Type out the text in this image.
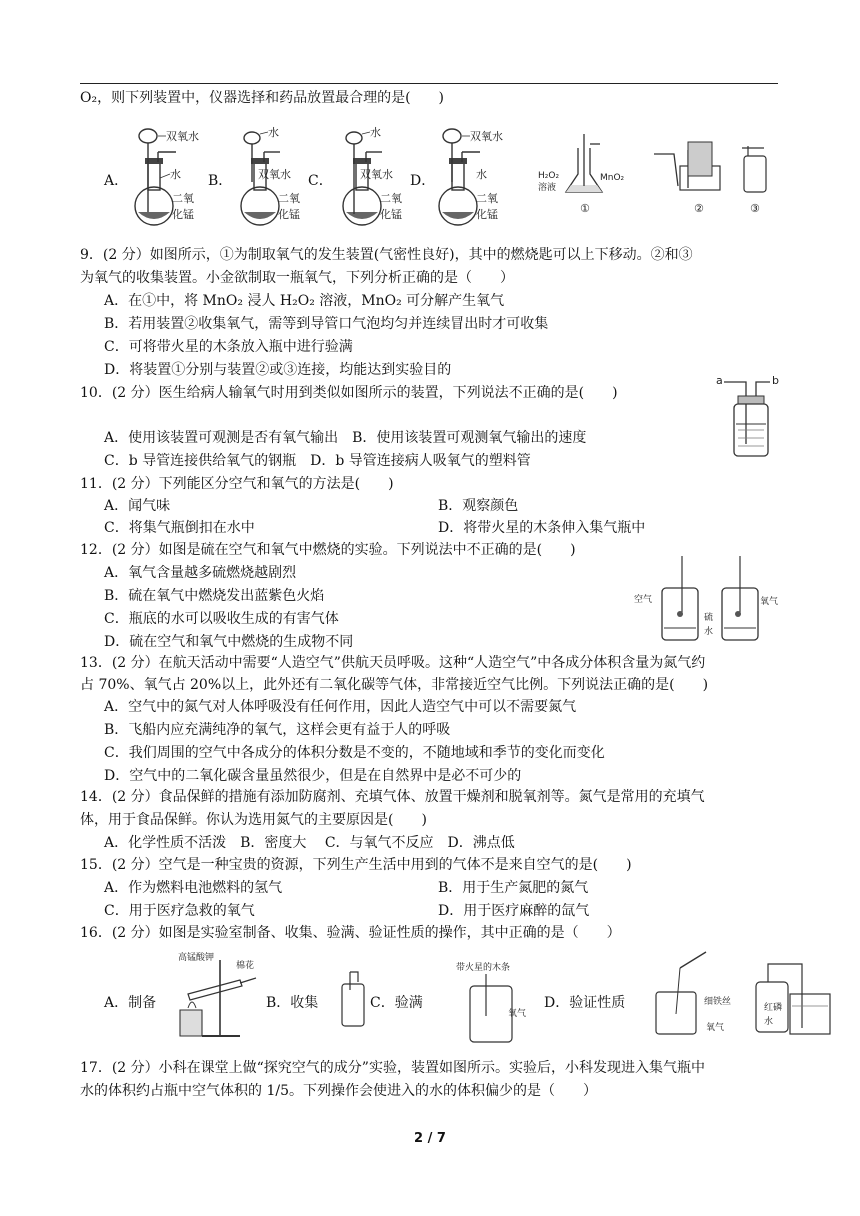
O₂，则下列装置中，仪器选择和药品放置最合理的是(　　)
A．	B．	C．	D．
双氧水
水
二氧
化锰
水
双氧水
二氧
化锰
水
双氧水
二氧
化锰
双氧水
水
二氧
化锰
H₂O₂
溶液
MnO₂
①	②	③
9．(2 分）如图所示，①为制取氧气的发生装置(气密性良好)，其中的燃烧匙可以上下移动。②和③
为氧气的收集装置。小金欲制取一瓶氧气，下列分析正确的是（　　）
A．在①中，将 MnO₂ 浸人 H₂O₂ 溶液，MnO₂ 可分解产生氧气
B．若用装置②收集氧气，需等到导管口气泡均匀并连续冒出时才可收集
C．可将带火星的木条放入瓶中进行验满
D．将装置①分别与装置②或③连接，均能达到实验目的
10．(2 分）医生给病人输氧气时用到类似如图所示的装置，下列说法不正确的是(　　)
A．使用该装置可观测是否有氧气输出　B．使用该装置可观测氧气输出的速度
C．b 导管连接供给氧气的钢瓶　D．b 导管连接病人吸氧气的塑料管
a	b
11．(2 分）下列能区分空气和氧气的方法是(　　)
A．闻气味	B．观察颜色
C．将集气瓶倒扣在水中	D．将带火星的木条伸入集气瓶中
12．(2 分）如图是硫在空气和氧气中燃烧的实验。下列说法中不正确的是(　　)
A．氧气含量越多硫燃烧越剧烈
B．硫在氧气中燃烧发出蓝紫色火焰
C．瓶底的水可以吸收生成的有害气体
D．硫在空气和氧气中燃烧的生成物不同
空气	氧气
硫
水
13．(2 分）在航天活动中需要“人造空气”供航天员呼吸。这种“人造空气”中各成分体积含量为氮气约
占 70%、氧气占 20%以上，此外还有二氧化碳等气体，非常接近空气比例。下列说法正确的是(　　)
A．空气中的氮气对人体呼吸没有任何作用，因此人造空气中可以不需要氮气
B．飞船内应充满纯净的氧气，这样会更有益于人的呼吸
C．我们周围的空气中各成分的体积分数是不变的，不随地域和季节的变化而变化
D．空气中的二氧化碳含量虽然很少，但是在自然界中是必不可少的
14．(2 分）食品保鲜的措施有添加防腐剂、充填气体、放置干燥剂和脱氧剂等。氮气是常用的充填气
体，用于食品保鲜。你认为选用氮气的主要原因是(　　)
A．化学性质不活泼　B．密度大　 C．与氧气不反应　D．沸点低
15．(2 分）空气是一种宝贵的资源，下列生产生活中用到的气体不是来自空气的是(　　)
A．作为燃料电池燃料的氢气	B．用于生产氮肥的氮气
C．用于医疗急救的氧气	D．用于医疗麻醉的氙气
16．(2 分）如图是实验室制备、收集、验满、验证性质的操作，其中正确的是（　　）
A．制备	B．收集	C．验满	D．验证性质
高锰酸钾
棉花	带火星的木条
氧气
细铁丝
氧气
红磷
水
17．(2 分）小科在课堂上做“探究空气的成分”实验，装置如图所示。实验后，小科发现进入集气瓶中
水的体积约占瓶中空气体积的 1/5。下列操作会使进入的水的体积偏少的是（　　）
2 / 7
